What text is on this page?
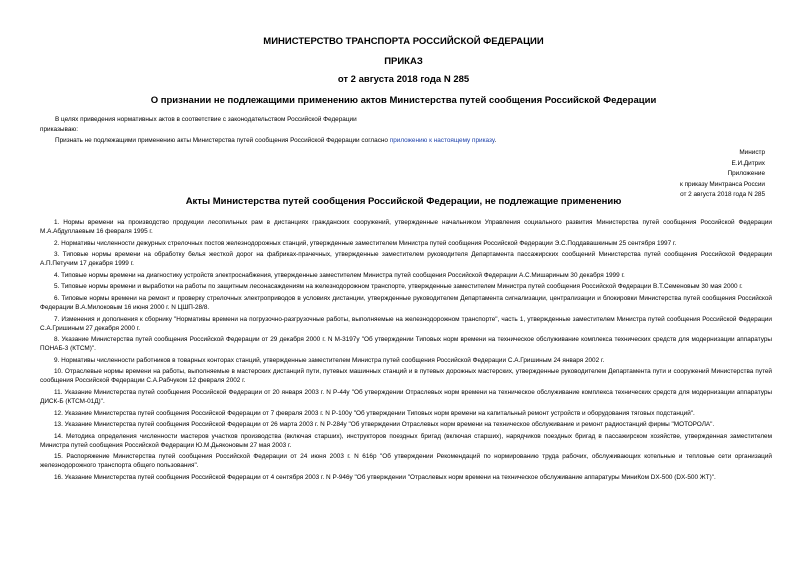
МИНИСТЕРСТВО ТРАНСПОРТА РОССИЙСКОЙ ФЕДЕРАЦИИ
ПРИКАЗ
от 2 августа 2018 года N 285
О признании не подлежащими применению актов Министерства путей сообщения Российской Федерации
В целях приведения нормативных актов в соответствие с законодательством Российской Федерации
приказываю:
Признать не подлежащими применению акты Министерства путей сообщения Российской Федерации согласно приложению к настоящему приказу.
Министр
Е.И.Дитрих
Приложение
к приказу Минтранса России
от 2 августа 2018 года N 285
Акты Министерства путей сообщения Российской Федерации, не подлежащие применению

1. Нормы времени на производство продукции лесопильных рам в дистанциях гражданских сооружений, утвержденные начальником Управления социального развития Министерства путей сообщения Российской Федерации М.А.Абдуллаевым 16 февраля 1995 г.

2. Нормативы численности дежурных стрелочных постов железнодорожных станций, утвержденные заместителем Министра путей сообщения Российской Федерации Э.С.Поддавашкиным 25 сентября 1997 г.

3. Типовые нормы времени на обработку белья жесткой дорог на фабриках-прачечных, утвержденные заместителем руководителя Департамента пассажирских сообщений Министерства путей сообщения Российской Федерации А.П.Петучим 17 декабря 1999 г.

4. Типовые нормы времени на диагностику устройств электроснабжения, утвержденные заместителем Министра путей сообщения Российской Федерации А.С.Мишариным 30 декабря 1999 г.

5. Типовые нормы времени и выработки на работы по защитным лесонасаждениям на железнодорожном транспорте, утвержденные заместителем Министра путей сообщения Российской Федерации В.Т.Семеновым 30 мая 2000 г.

6. Типовые нормы времени на ремонт и проверку стрелочных электроприводов в условиях дистанции, утвержденные руководителем Департамента сигнализации, централизации и блокировки Министерства путей сообщения Российской Федерации В.А.Милоковым 16 июня 2000 г. N ЦШП-28/8.

7. Изменения и дополнения к сборнику "Нормативы времени на погрузочно-разгрузочные работы, выполняемые на железнодорожном транспорте", часть 1, утвержденные заместителем Министра путей сообщения Российской Федерации С.А.Гришиным 27 декабря 2000 г.

8. Указание Министерства путей сообщения Российской Федерации от 29 декабря 2000 г. N М-3197у "Об утверждении Типовых норм времени на техническое обслуживание комплекса технических средств для модернизации аппаратуры ПОНАБ-3 (КТСМ)".

9. Нормативы численности работников в товарных конторах станций, утвержденные заместителем Министра путей сообщения Российской Федерации С.А.Гришиным 24 января 2002 г.

10. Отраслевые нормы времени на работы, выполняемые в мастерских дистанций пути, путевых машинных станций и в путевых дорожных мастерских, утвержденные руководителем Департамента пути и сооружений Министерства путей сообщения Российской Федерации С.А.Рабчуком 12 февраля 2002 г.

11. Указание Министерства путей сообщения Российской Федерации от 20 января 2003 г. N Р-44у "Об утверждении Отраслевых норм времени на техническое обслуживание комплекса технических средств для модернизации аппаратуры ДИСК-Б (КТСМ-01Д)".

12. Указание Министерства путей сообщения Российской Федерации от 7 февраля 2003 г. N Р-100у "Об утверждении Типовых норм времени на капитальный ремонт устройств и оборудования тяговых подстанций".

13. Указание Министерства путей сообщения Российской Федерации от 26 марта 2003 г. N Р-284у "Об утверждении Отраслевых норм времени на техническое обслуживание и ремонт радиостанций фирмы "МОТОРОЛА".

14. Методика определения численности мастеров участков производства (включая старших), инструкторов поездных бригад (включая старших), нарядчиков поездных бригад в пассажирском хозяйстве, утвержденная заместителем Министра путей сообщения Российской Федерации Ю.М.Дьяконовым 27 мая 2003 г.

15. Распоряжение Министерства путей сообщения Российской Федерации от 24 июня 2003 г. N 616р "Об утверждении Рекомендаций по нормированию труда рабочих, обслуживающих котельные и тепловые сети организаций железнодорожного транспорта общего пользования".

16. Указание Министерства путей сообщения Российской Федерации от 4 сентября 2003 г. N Р-946у "Об утверждении "Отраслевых норм времени на техническое обслуживание аппаратуры МиниКом DX-500 (DX-500 ЖТ)".
